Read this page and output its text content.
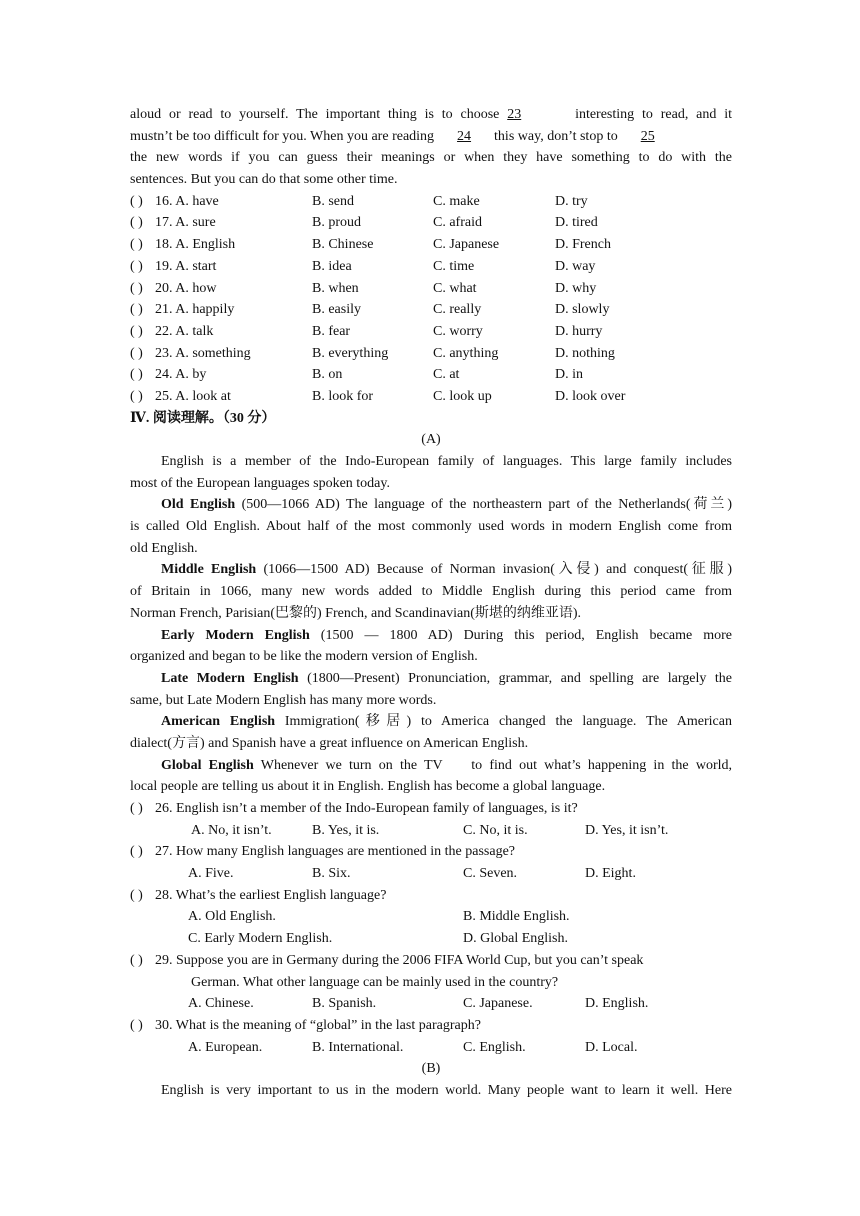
aloud or read to yourself. The important thing is to choose 23	interesting to read, and it
mustn’t be too difficult for you. When you are reading 24 this way, don’t stop to 25
the new words if you can guess their meanings or when they have something to do with the
sentences. But you can do that some other time.
( ) 16. A. have	B. send	C. make	D. try
( ) 17. A. sure	B. proud	C. afraid	D. tired
( ) 18. A. English	B. Chinese	C. Japanese	D. French
( ) 19. A. start	B. idea	C. time	D. way
( ) 20. A. how	B. when	C. what	D. why
( ) 21. A. happily	B. easily	C. really	D. slowly
( ) 22. A. talk	B. fear	C. worry	D. hurry
( ) 23. A. something	B. everything	C. anything	D. nothing
( ) 24. A. by	B. on	C. at	D. in
( ) 25. A. look at	B. look for	C. look up	D. look over
Ⅳ. 阅读理解。（30 分）
(A)
English is a member of the Indo-European family of languages. This large family includes
most of the European languages spoken today.
Old English (500—1066 AD) The language of the northeastern part of the Netherlands(荷兰)
is called Old English. About half of the most commonly used words in modern English come from
old English.
Middle English (1066—1500 AD) Because of Norman invasion(入侵) and conquest(征服)
of Britain in 1066, many new words added to Middle English during this period came from
Norman French, Parisian(巴黎的) French, and Scandinavian(斯堪的纳维亚语).
Early Modern English (1500 — 1800 AD) During this period, English became more
organized and began to be like the modern version of English.
Late Modern English (1800—Present) Pronunciation, grammar, and spelling are largely the
same, but Late Modern English has many more words.
American English Immigration(移居) to America changed the language. The American
dialect(方言) and Spanish have a great influence on American English.
Global English Whenever we turn on the TV    to find out what’s happening in the world,
local people are telling us about it in English. English has become a global language.
( ) 26. English isn’t a member of the Indo-European family of languages, is it?
A. No, it isn’t.	B. Yes, it is.	C. No, it is.	D. Yes, it isn’t.
( ) 27. How many English languages are mentioned in the passage?
A. Five.	B. Six.	C. Seven.	D. Eight.
( ) 28. What’s the earliest English language?
A. Old English.	B. Middle English.
C. Early Modern English.	D. Global English.
( ) 29. Suppose you are in Germany during the 2006 FIFA World Cup, but you can’t speak
German. What other language can be mainly used in the country?
A. Chinese.	B. Spanish.	C. Japanese.	D. English.
( ) 30. What is the meaning of “global” in the last paragraph?
A. European.	B. International.	C. English.	D. Local.
(B)
English is very important to us in the modern world. Many people want to learn it well. Here
